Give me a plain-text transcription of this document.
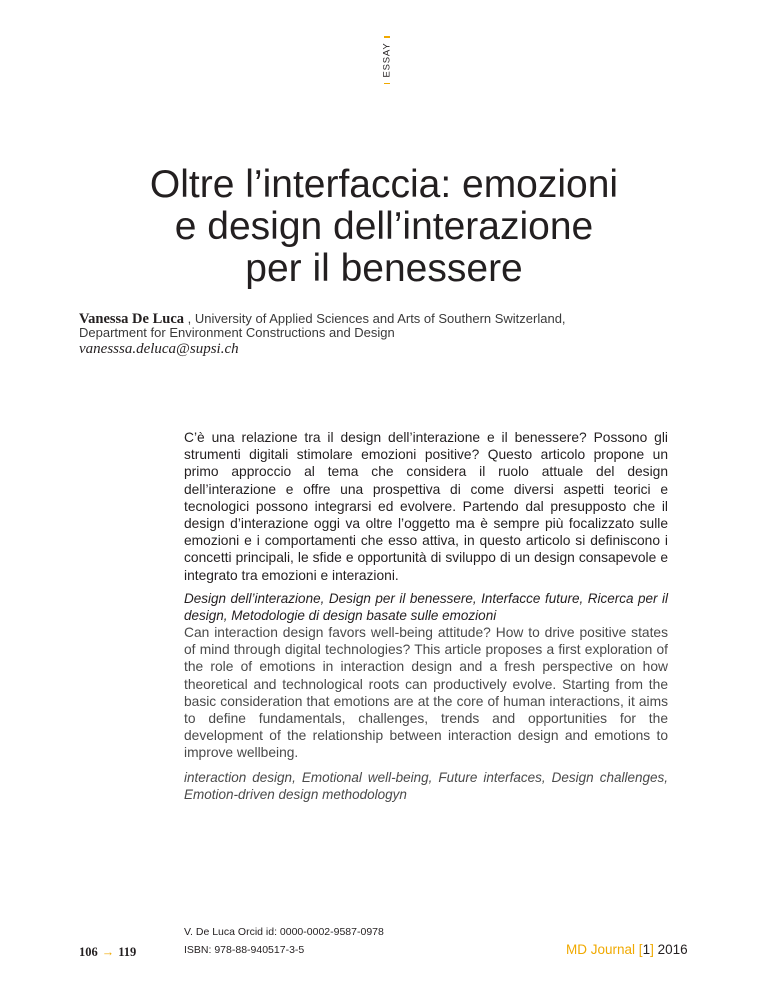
ESSAY
Oltre l’interfaccia: emozioni
e design dell’interazione
per il benessere
Vanessa De Luca , University of Applied Sciences and Arts of Southern Switzerland,
Department for Environment Constructions and Design
vanesssa.deluca@supsi.ch

C’è una relazione tra il design dell’interazione e il benessere? Possono gli strumenti digitali stimolare emozioni positive? Questo articolo propone un primo approccio al tema che considera il ruolo attuale del design dell’interazione e offre una prospettiva di come diversi aspetti teorici e tecnologici possono integrarsi ed evolvere. Partendo dal presupposto che il design d’interazione oggi va oltre l’oggetto ma è sempre più focalizzato sulle emozioni e i comportamenti che esso attiva, in questo articolo si definiscono i concetti principali, le sfide e opportunità di sviluppo di un design consapevole e integrato tra emozioni e interazioni.

Design dell’interazione, Design per il benessere, Interfacce future, Ricerca per il design, Metodologie di design basate sulle emozioni

Can interaction design favors well-being attitude? How to drive positive states of mind through digital technologies? This article proposes a first exploration of the role of emotions in interaction design and a fresh perspective on how theoretical and technological roots can productively evolve. Starting from the basic consideration that emotions are at the core of human interactions, it aims to define fundamentals, challenges, trends and opportunities for the development of the relationship between interaction design and emotions to improve wellbeing.

interaction design, Emotional well-being, Future interfaces, Design challenges, Emotion-driven design methodologyn

106 → 119
V. De Luca Orcid id: 0000-0002-9587-0978
ISBN: 978-88-940517-3-5	MD Journal [1] 2016
